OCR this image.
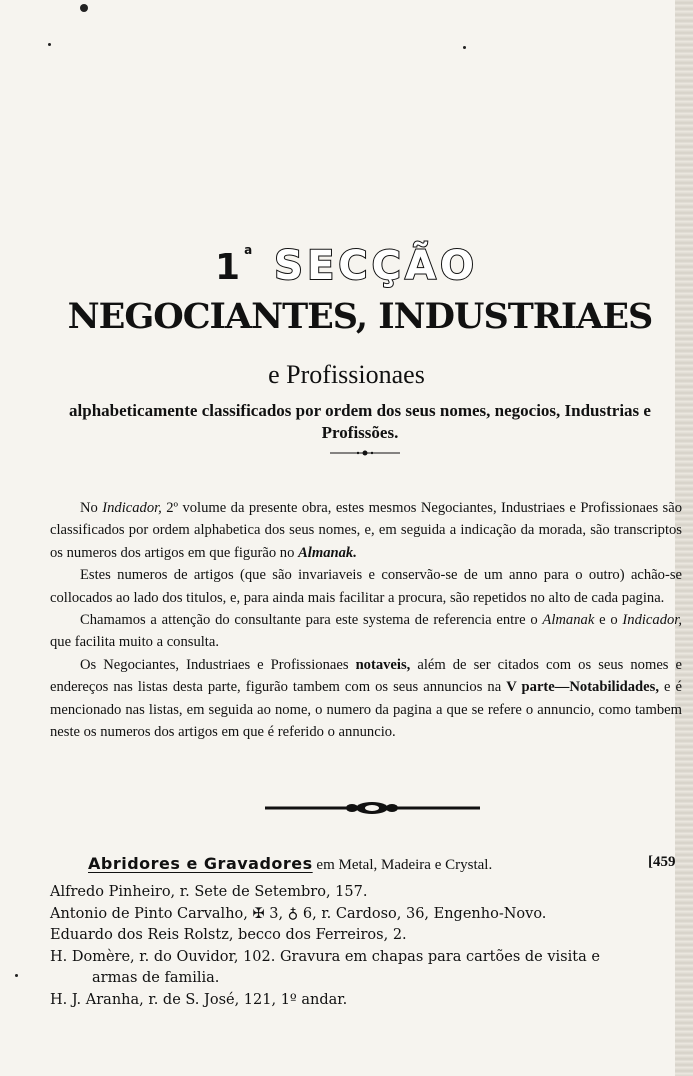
1$^a$ SECÇÃO
NEGOCIANTES, INDUSTRIAES
e Profissionaes
alphabeticamente classificados por ordem dos seus nomes, negocios, Industrias e Profissões.

No Indicador, 2º volume da presente obra, estes mesmos Negociantes, Industriaes e Profissionaes são classificados por ordem alphabetica dos seus nomes, e, em seguida a indicação da morada, são transcriptos os numeros dos artigos em que figurão no Almanak.

Estes numeros de artigos (que são invariaveis e conservão-se de um anno para o outro) achão-se collocados ao lado dos titulos, e, para ainda mais facilitar a procura, são repetidos no alto de cada pagina.

Chamamos a attenção do consultante para este systema de referencia entre o Almanak e o Indicador, que facilita muito a consulta.

Os Negociantes, Industriaes e Profissionaes notaveis, além de ser citados com os seus nomes e endereços nas listas desta parte, figurão tambem com os seus annuncios na V parte—Notabilidades, e é mencionado nas listas, em seguida ao nome, o numero da pagina a que se refere o annuncio, como tambem neste os numeros dos artigos em que é referido o annuncio.

Abridores e Gravadores em Metal, Madeira e Crystal.	[459
Alfredo Pinheiro, r. Sete de Setembro, 157.
Antonio de Pinto Carvalho, ✠ 3, ♁ 6, r. Cardoso, 36, Engenho-Novo.
Eduardo dos Reis Rolstz, becco dos Ferreiros, 2.
H. Domère, r. do Ouvidor, 102. Gravura em chapas para cartões de visita e
armas de familia.
H. J. Aranha, r. de S. José, 121, 1º andar.
